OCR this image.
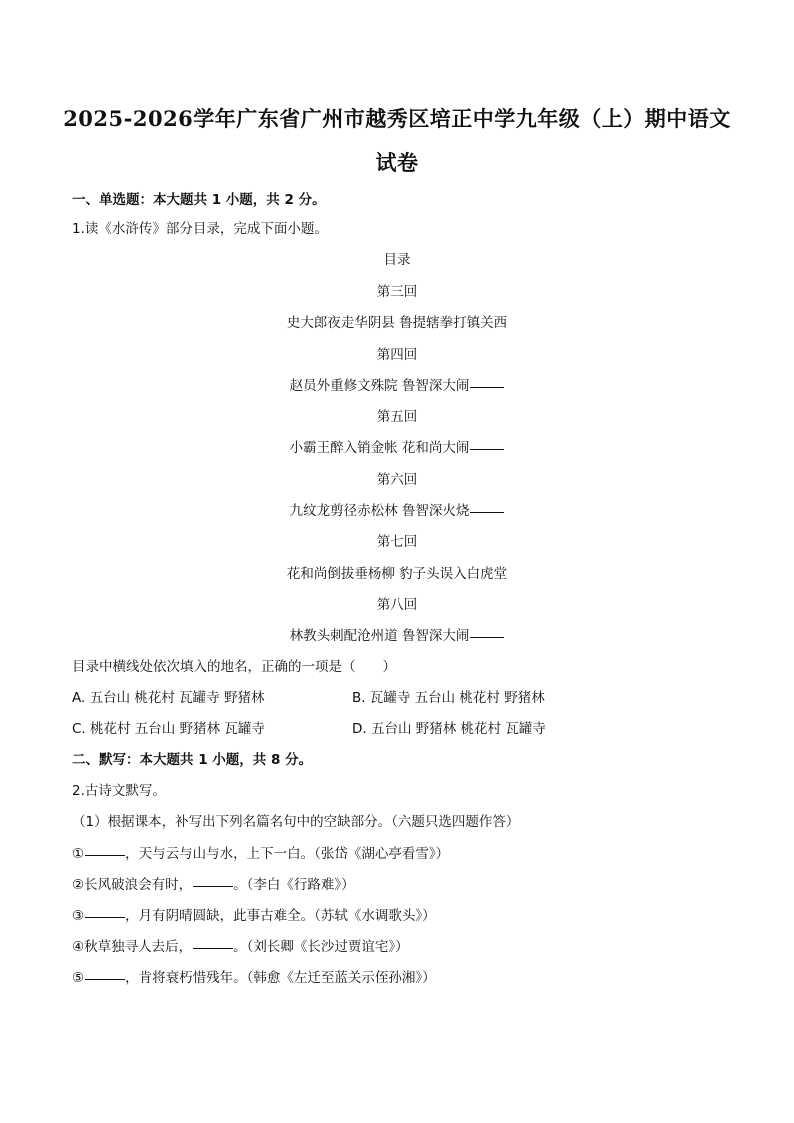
2025-2026学年广东省广州市越秀区培正中学九年级（上）期中语文
试卷
一、单选题：本大题共 1 小题，共 2 分。
1.读《水浒传》部分目录，完成下面小题。
目录
第三回
史大郎夜走华阴县 鲁提辖拳打镇关西
第四回
赵员外重修文殊院 鲁智深大闹
第五回
小霸王醉入销金帐 花和尚大闹
第六回
九纹龙剪径赤松林 鲁智深火烧
第七回
花和尚倒拔垂杨柳 豹子头误入白虎堂
第八回
林教头刺配沧州道 鲁智深大闹
目录中横线处依次填入的地名，正确的一项是（　　）
A. 五台山 桃花村 瓦罐寺 野猪林	B. 瓦罐寺 五台山 桃花村 野猪林
C. 桃花村 五台山 野猪林 瓦罐寺	D. 五台山 野猪林 桃花村 瓦罐寺
二、默写：本大题共 1 小题，共 8 分。
2.古诗文默写。
（1）根据课本，补写出下列名篇名句中的空缺部分。（六题只选四题作答）
①	，天与云与山与水，上下一白。（张岱《湖心亭看雪》）
②长风破浪会有时，	。（李白《行路难》）
③	，月有阴晴圆缺，此事古难全。（苏轼《水调歌头》）
④秋草独寻人去后，	。（刘长卿《长沙过贾谊宅》）
⑤	，肯将衰朽惜残年。（韩愈《左迁至蓝关示侄孙湘》）
